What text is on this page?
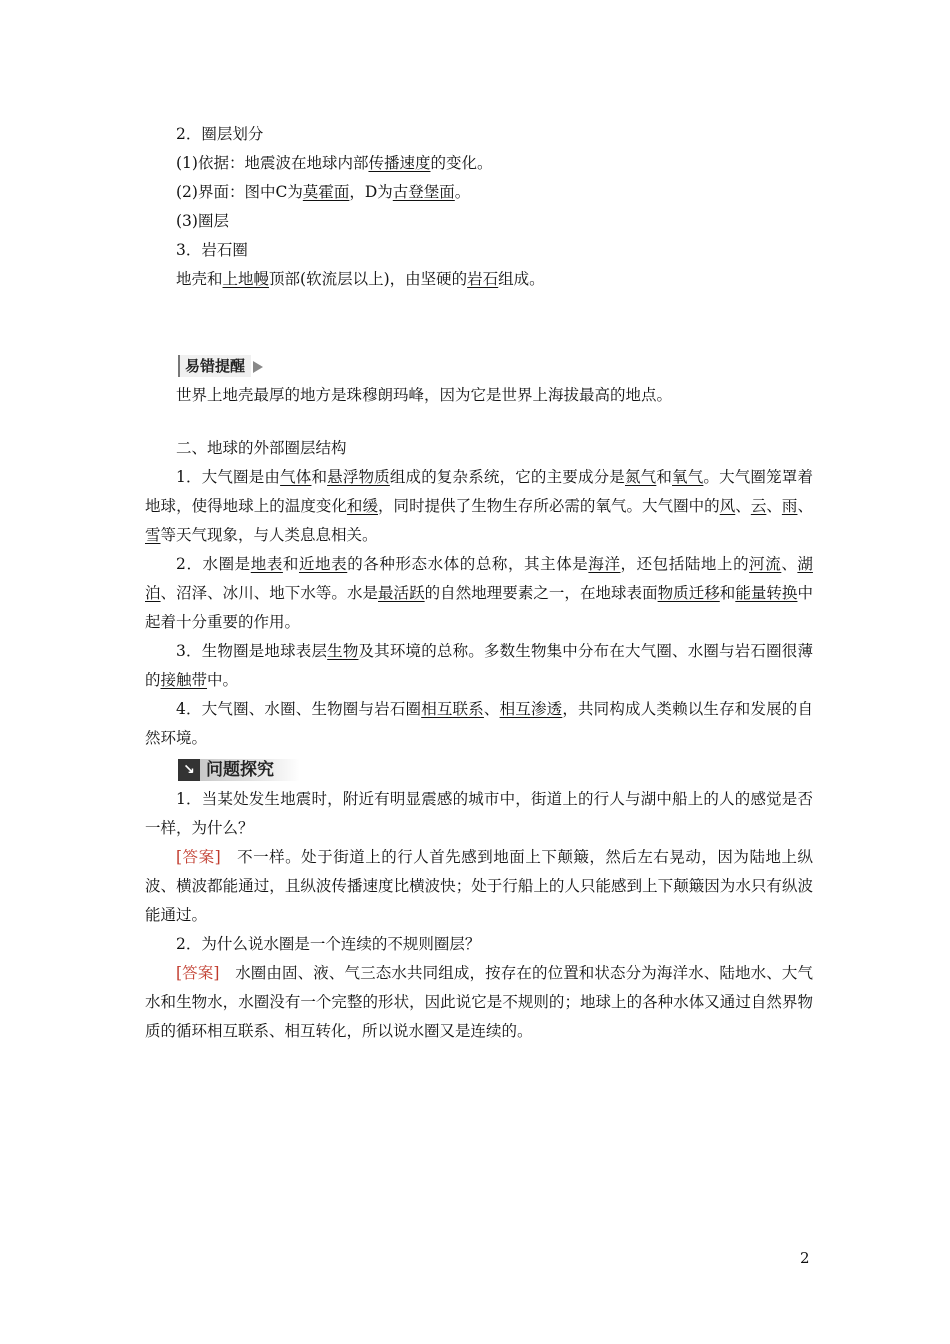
2．圈层划分
(1)依据：地震波在地球内部传播速度的变化。
(2)界面：图中C为莫霍面，D为古登堡面。
(3)圈层
3．岩石圈
地壳和上地幔顶部(软流层以上)，由坚硬的岩石组成。
易错提醒
世界上地壳最厚的地方是珠穆朗玛峰，因为它是世界上海拔最高的地点。
二、地球的外部圈层结构
1．大气圈是由气体和悬浮物质组成的复杂系统，它的主要成分是氮气和氧气。大气圈笼罩着地球，使得地球上的温度变化和缓，同时提供了生物生存所必需的氧气。大气圈中的风、云、雨、雪等天气现象，与人类息息相关。
2．水圈是地表和近地表的各种形态水体的总称，其主体是海洋，还包括陆地上的河流、湖泊、沼泽、冰川、地下水等。水是最活跃的自然地理要素之一，在地球表面物质迁移和能量转换中起着十分重要的作用。
3．生物圈是地球表层生物及其环境的总称。多数生物集中分布在大气圈、水圈与岩石圈很薄的接触带中。
4．大气圈、水圈、生物圈与岩石圈相互联系、相互渗透，共同构成人类赖以生存和发展的自然环境。
↘ 问题探究
1．当某处发生地震时，附近有明显震感的城市中，街道上的行人与湖中船上的人的感觉是否一样，为什么？
[答案]　不一样。处于街道上的行人首先感到地面上下颠簸，然后左右晃动，因为陆地上纵波、横波都能通过，且纵波传播速度比横波快；处于行船上的人只能感到上下颠簸因为水只有纵波能通过。
2．为什么说水圈是一个连续的不规则圈层？
[答案]　水圈由固、液、气三态水共同组成，按存在的位置和状态分为海洋水、陆地水、大气水和生物水，水圈没有一个完整的形状，因此说它是不规则的；地球上的各种水体又通过自然界物质的循环相互联系、相互转化，所以说水圈又是连续的。
2
